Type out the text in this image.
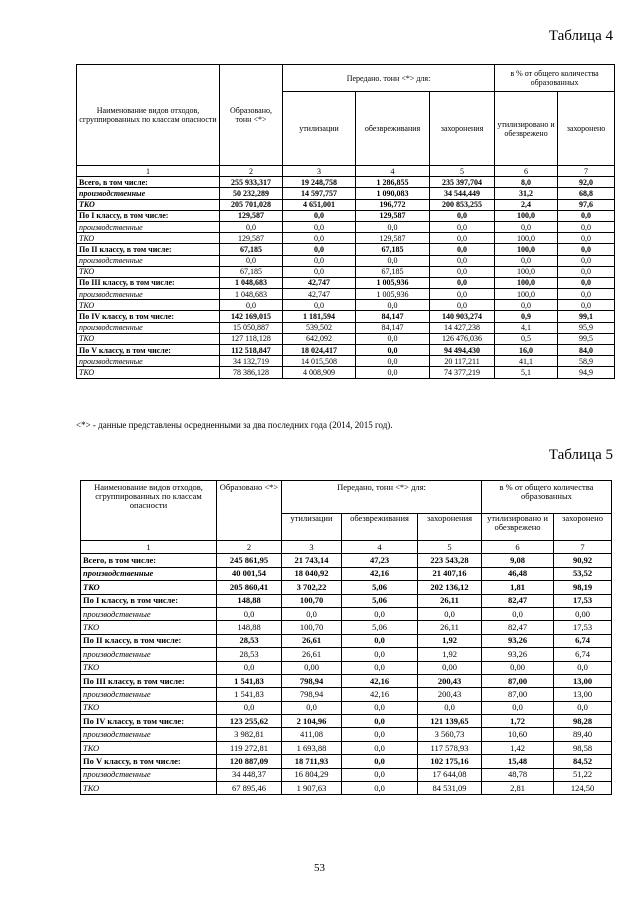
Таблица 4
Наименование видов отходов, сгруппированных по классам опасности	Образовано, тонн <*>	Передано. тонн <*> для:			в % от общего количества образованных	
		утилизации	обезвреживания	захоронения	утилизировано и обезврежено	захоронено
1	2	3	4	5	6	7
Всего, в том числе:	255 933,317	19 248,758	1 286,855	235 397,704	8,0	92,0
производственные	50 232,289	14 597,757	1 090,083	34 544,449	31,2	68,8
ТКО	205 701,028	4 651,001	196,772	200 853,255	2,4	97,6
По I классу, в том числе:	129,587	0,0	129,587	0,0	100,0	0,0
производственные	0,0	0,0	0,0	0,0	0,0	0,0
ТКО	129,587	0,0	129,587	0,0	100,0	0,0
По II классу, в том числе:	67,185	0,0	67,185	0,0	100,0	0,0
производственные	0,0	0,0	0,0	0,0	0,0	0,0
ТКО	67,185	0,0	67,185	0,0	100,0	0,0
По III классу, в том числе:	1 048,683	42,747	1 005,936	0,0	100,0	0,0
производственные	1 048,683	42,747	1 005,936	0,0	100,0	0,0
ТКО	0,0	0,0	0,0	0,0	0,0	0,0
По IV классу, в том числе:	142 169,015	1 181,594	84,147	140 903,274	0,9	99,1
производственные	15 050,887	539,502	84,147	14 427,238	4,1	95,9
ТКО	127 118,128	642,092	0,0	126 476,036	0,5	99,5
По V классу, в том числе:	112 518,847	18 024,417	0,0	94 494,430	16,0	84,0
производственные	34 132,719	14 015,508	0,0	20 117,211	41,1	58,9
ТКО	78 386,128	4 008,909	0,0	74 377,219	5,1	94,9
<*> - данные представлены осредненными за два последних года (2014, 2015 год).
Таблица 5
Наименование видов отходов, сгруппированных по классам опасности	Образовано <*>	Передано, тонн <*> для:			в % от общего количества образованных	
		утилизации	обезвреживания	захоронения	утилизировано и обезврежено	захоронено
1	2	3	4	5	6	7
Всего, в том числе:	245 861,95	21 743,14	47,23	223 543,28	9,08	90,92
производственные	40 001,54	18 040,92	42,16	21 407,16	46,48	53,52
ТКО	205 860,41	3 702,22	5,06	202 136,12	1,81	98,19
По I классу, в том числе:	148,88	100,70	5,06	26,11	82,47	17,53
производственные	0,0	0,0	0,0	0,0	0,0	0,00
ТКО	148,88	100,70	5,06	26,11	82,47	17,53
По II классу, в том числе:	28,53	26,61	0,0	1,92	93,26	6,74
производственные	28,53	26,61	0,0	1,92	93,26	6,74
ТКО	0,0	0,00	0,0	0,00	0,00	0,0
По III классу, в том числе:	1 541,83	798,94	42,16	200,43	87,00	13,00
производственные	1 541,83	798,94	42,16	200,43	87,00	13,00
ТКО	0,0	0,0	0,0	0,0	0,0	0,0
По IV классу, в том числе:	123 255,62	2 104,96	0,0	121 139,65	1,72	98,28
производственные	3 982,81	411,08	0,0	3 560,73	10,60	89,40
ТКО	119 272,81	1 693,88	0,0	117 578,93	1,42	98,58
По V классу, в том числе:	120 887,09	18 711,93	0,0	102 175,16	15,48	84,52
производственные	34 448,37	16 804,29	0,0	17 644,08	48,78	51,22
ТКО	67 895,46	1 907,63	0,0	84 531,09	2,81	124,50
53
